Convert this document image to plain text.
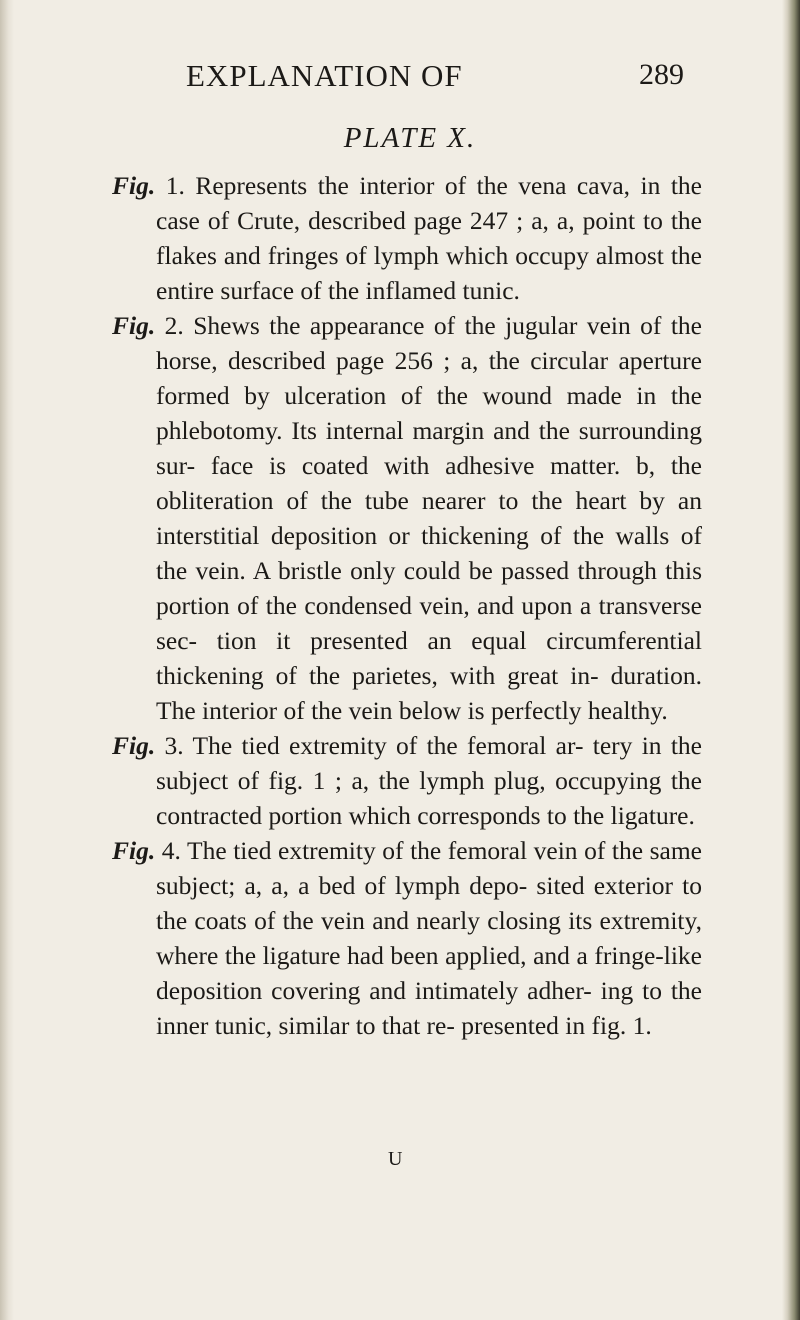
EXPLANATION OF	289
PLATE X.

Fig. 1. Represents the interior of the vena cava, in the case of Crute, described page 247 ; a, a, point to the flakes and fringes of lymph which occupy almost the entire surface of the inflamed tunic.

Fig. 2. Shews the appearance of the jugular vein of the horse, described page 256 ; a, the circular aperture formed by ulceration of the wound made in the phlebotomy. Its internal margin and the surrounding sur- face is coated with adhesive matter. b, the obliteration of the tube nearer to the heart by an interstitial deposition or thickening of the walls of the vein. A bristle only could be passed through this portion of the condensed vein, and upon a transverse sec- tion it presented an equal circumferential thickening of the parietes, with great in- duration. The interior of the vein below is perfectly healthy.

Fig. 3. The tied extremity of the femoral ar- tery in the subject of fig. 1 ; a, the lymph plug, occupying the contracted portion which corresponds to the ligature.

Fig. 4. The tied extremity of the femoral vein of the same subject; a, a, a bed of lymph depo- sited exterior to the coats of the vein and nearly closing its extremity, where the ligature had been applied, and a fringe-like deposition covering and intimately adher- ing to the inner tunic, similar to that re- presented in fig. 1.

U
